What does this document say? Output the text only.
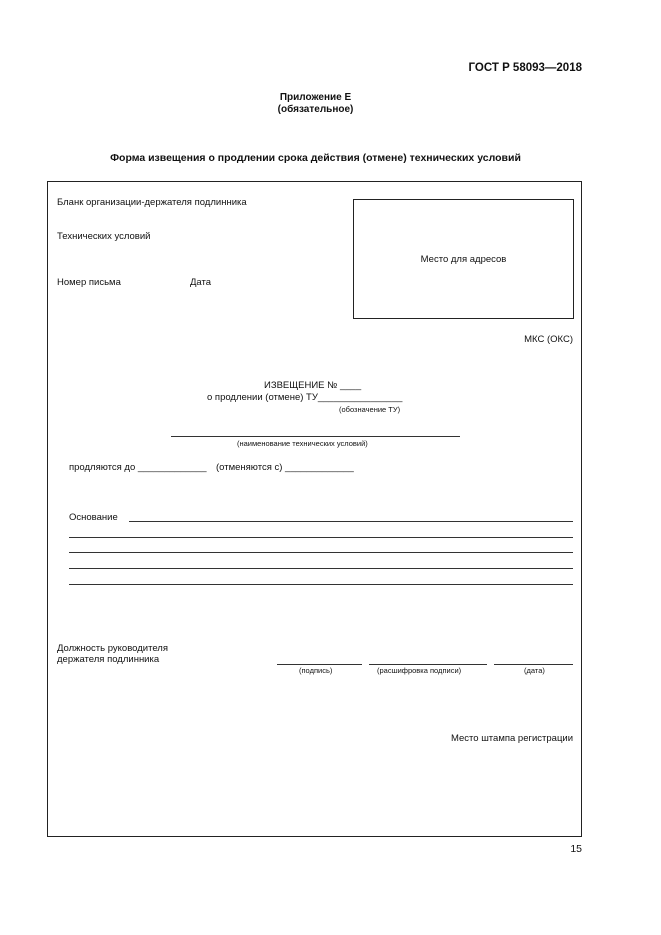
ГОСТ Р 58093—2018
Приложение Е
(обязательное)
Форма извещения о продлении срока действия (отмене) технических условий
Бланк организации-держателя подлинника
Технических условий
Номер письма	Дата
Место для адресов
МКС (ОКС)
ИЗВЕЩЕНИЕ № ____
о продлении (отмене) ТУ________________
(обозначение ТУ)
(наименование технических условий)
продляются до _____________ (отменяются с) _____________
Основание
Должность руководителя
держателя подлинника
(подпись)	(расшифровка подписи)	(дата)
Место штампа регистрации
15
